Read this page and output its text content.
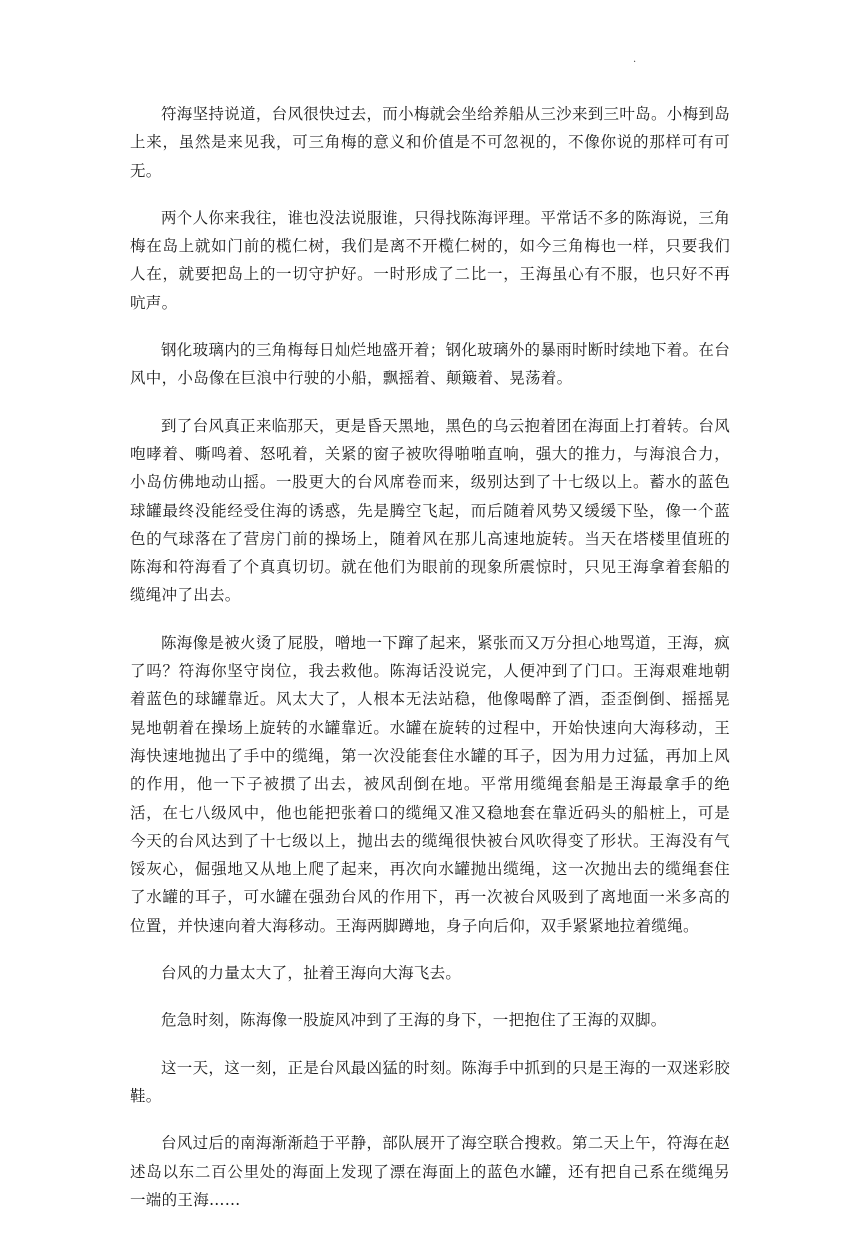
.

符海坚持说道，台风很快过去，而小梅就会坐给养船从三沙来到三叶岛。小梅到岛上来，虽然是来见我，可三角梅的意义和价值是不可忽视的，不像你说的那样可有可无。

两个人你来我往，谁也没法说服谁，只得找陈海评理。平常话不多的陈海说，三角梅在岛上就如门前的榄仁树，我们是离不开榄仁树的，如今三角梅也一样，只要我们人在，就要把岛上的一切守护好。一时形成了二比一，王海虽心有不服，也只好不再吭声。

钢化玻璃内的三角梅每日灿烂地盛开着；钢化玻璃外的暴雨时断时续地下着。在台风中，小岛像在巨浪中行驶的小船，飘摇着、颠簸着、晃荡着。

到了台风真正来临那天，更是昏天黑地，黑色的乌云抱着团在海面上打着转。台风咆哮着、嘶鸣着、怒吼着，关紧的窗子被吹得啪啪直响，强大的推力，与海浪合力，小岛仿佛地动山摇。一股更大的台风席卷而来，级别达到了十七级以上。蓄水的蓝色球罐最终没能经受住海的诱惑，先是腾空飞起，而后随着风势又缓缓下坠，像一个蓝色的气球落在了营房门前的操场上，随着风在那儿高速地旋转。当天在塔楼里值班的陈海和符海看了个真真切切。就在他们为眼前的现象所震惊时，只见王海拿着套船的缆绳冲了出去。

陈海像是被火烫了屁股，噌地一下蹿了起来，紧张而又万分担心地骂道，王海，疯了吗？符海你坚守岗位，我去救他。陈海话没说完，人便冲到了门口。王海艰难地朝着蓝色的球罐靠近。风太大了，人根本无法站稳，他像喝醉了酒，歪歪倒倒、摇摇晃晃地朝着在操场上旋转的水罐靠近。水罐在旋转的过程中，开始快速向大海移动，王海快速地抛出了手中的缆绳，第一次没能套住水罐的耳子，因为用力过猛，再加上风的作用，他一下子被掼了出去，被风刮倒在地。平常用缆绳套船是王海最拿手的绝活，在七八级风中，他也能把张着口的缆绳又准又稳地套在靠近码头的船桩上，可是今天的台风达到了十七级以上，抛出去的缆绳很快被台风吹得变了形状。王海没有气馁灰心，倔强地又从地上爬了起来，再次向水罐抛出缆绳，这一次抛出去的缆绳套住了水罐的耳子，可水罐在强劲台风的作用下，再一次被台风吸到了离地面一米多高的位置，并快速向着大海移动。王海两脚蹲地，身子向后仰，双手紧紧地拉着缆绳。

台风的力量太大了，扯着王海向大海飞去。

危急时刻，陈海像一股旋风冲到了王海的身下，一把抱住了王海的双脚。

这一天，这一刻，正是台风最凶猛的时刻。陈海手中抓到的只是王海的一双迷彩胶鞋。

台风过后的南海渐渐趋于平静，部队展开了海空联合搜救。第二天上午，符海在赵述岛以东二百公里处的海面上发现了漂在海面上的蓝色水罐，还有把自己系在缆绳另一端的王海……
